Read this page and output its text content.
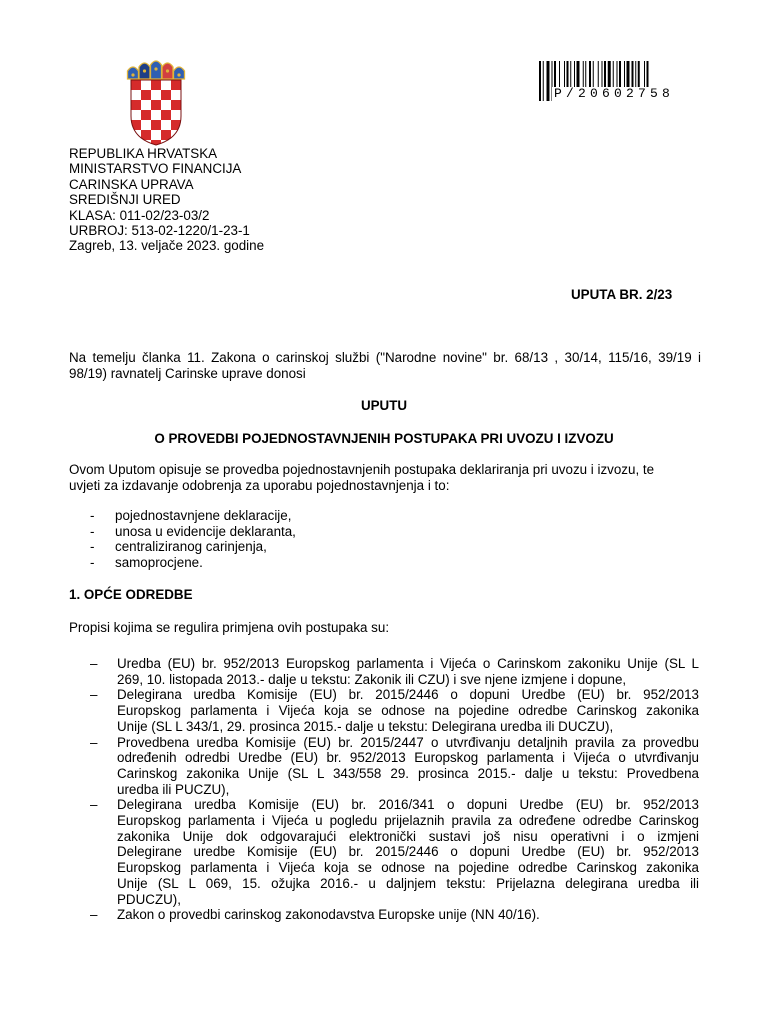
P/20602758
REPUBLIKA HRVATSKA
MINISTARSTVO FINANCIJA
CARINSKA UPRAVA
SREDIŠNJI URED
KLASA: 011-02/23-03/2
URBROJ: 513-02-1220/1-23-1
Zagreb, 13. veljače 2023. godine
UPUTA BR. 2/23
Na temelju članka 11. Zakona o carinskoj službi ("Narodne novine" br. 68/13 , 30/14, 115/16, 39/19 i
98/19) ravnatelj Carinske uprave donosi
UPUTU
O PROVEDBI POJEDNOSTAVNJENIH POSTUPAKA PRI UVOZU I IZVOZU
Ovom Uputom opisuje se provedba pojednostavnjenih postupaka deklariranja pri uvozu i izvozu, te
uvjeti za izdavanje odobrenja za uporabu pojednostavnjenja i to:
- pojednostavnjene deklaracije,
- unosa u evidencije deklaranta,
- centraliziranog carinjenja,
- samoprocjene.
1. OPĆE ODREDBE
Propisi kojima se regulira primjena ovih postupaka su:
– Uredba (EU) br. 952/2013 Europskog parlamenta i Vijeća o Carinskom zakoniku Unije (SL L
269, 10. listopada 2013.- dalje u tekstu: Zakonik ili CZU) i sve njene izmjene i dopune,
– Delegirana uredba Komisije (EU) br. 2015/2446 o dopuni Uredbe (EU) br. 952/2013
Europskog parlamenta i Vijeća koja se odnose na pojedine odredbe Carinskog zakonika
Unije (SL L 343/1, 29. prosinca 2015.- dalje u tekstu: Delegirana uredba ili DUCZU),
– Provedbena uredba Komisije (EU) br. 2015/2447 o utvrđivanju detaljnih pravila za provedbu
određenih odredbi Uredbe (EU) br. 952/2013 Europskog parlamenta i Vijeća o utvrđivanju
Carinskog zakonika Unije (SL L 343/558 29. prosinca 2015.- dalje u tekstu: Provedbena
uredba ili PUCZU),
– Delegirana uredba Komisije (EU) br. 2016/341 o dopuni Uredbe (EU) br. 952/2013
Europskog parlamenta i Vijeća u pogledu prijelaznih pravila za određene odredbe Carinskog
zakonika Unije dok odgovarajući elektronički sustavi još nisu operativni i o izmjeni
Delegirane uredbe Komisije (EU) br. 2015/2446 o dopuni Uredbe (EU) br. 952/2013
Europskog parlamenta i Vijeća koja se odnose na pojedine odredbe Carinskog zakonika
Unije (SL L 069, 15. ožujka 2016.- u daljnjem tekstu: Prijelazna delegirana uredba ili
PDUCZU),
– Zakon o provedbi carinskog zakonodavstva Europske unije (NN 40/16).
